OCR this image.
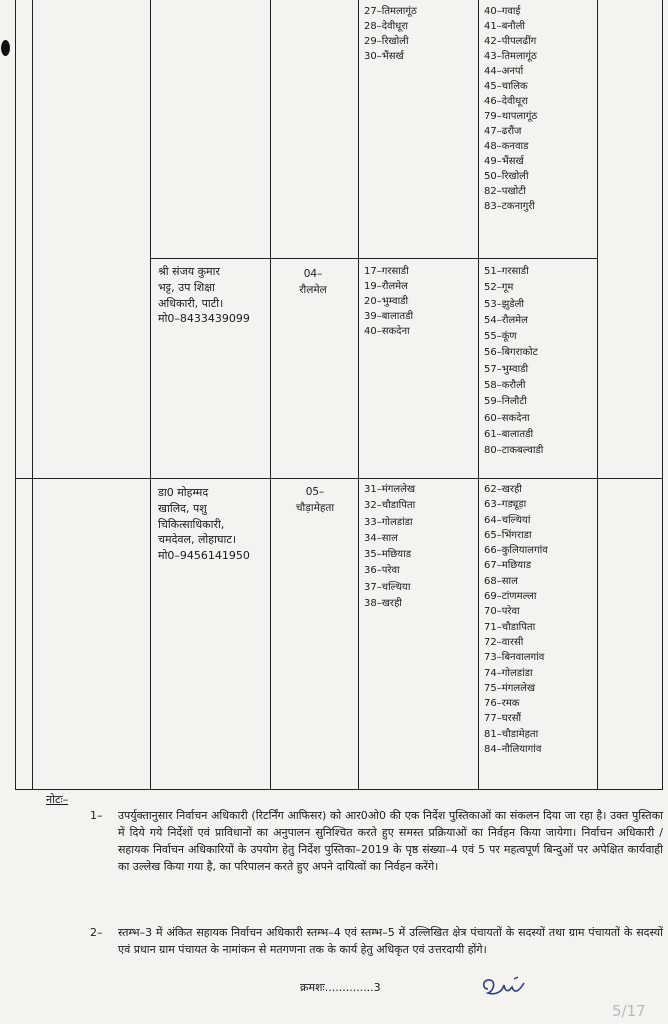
27–तिमलागूंठ
28–देवीधूरा
29–रिखोली
30–भैंसर्ख
40–गवाई
41–बनौली
42–पीपलढींग
43–तिमलागूंठ
44–अनर्पा
45–चालिक
46–देवीधूरा
79–थापलागूंठ
47–ढरौंज
48–कनवाड
49–भैंसर्ख
50–रिखोली
82–पखोटी
83–टकनागुरी
श्री संजय कुमार
भट्ट, उप शिक्षा
अधिकारी, पाटी।
मो0–8433439099
04–
रौलमेल
17–गरसाडी
19–रौलमेल
20–भुम्वाडी
39–बालातडी
40–सकदेना
51–गरसाडी
52–गूम
53–झुडेली
54–रौलमेल
55–कूंण
56–बिगराकोट
57–भुम्वाडी
58–करौली
59–निलौटी
60–सकदेना
61–बालातडी
80–टाकबल्वाडी
डा0 मोहम्मद
खालिद, पशु
चिकित्साधिकारी,
चमदेवल, लोहाघाट।
मो0–9456141950
05–
चौड़ामेहता
31–मंगललेख
32–चौडापिता
33–गोलडांडा
34–साल
35–मछियाड
36–परेवा
37–चल्थिया
38–खरही
62–खरही
63–गड्यूड़ा
64–चल्थियां
65–भिंगराडा
66–कुलियालगांव
67–मछियाड
68–साल
69–टांणमल्ला
70–परेवा
71–चौडापिता
72–वारसी
73–बिनवालगांव
74–गोलडांडा
75–मंगललेख
76–रमक
77–घरसौं
81–चौडामेहता
84–नौलियागांव
नोटः–
1– उपर्युक्तानुसार निर्वाचन अधिकारी (रिटर्निंग आफिसर) को आर0ओ0 की एक निर्देश पुस्तिकाओं का संकलन दिया जा रहा है। उक्त पुस्तिका में दिये गये निर्देशों एवं प्राविधानों का अनुपालन सुनिश्चित करते हुए समस्त प्रक्रियाओं का निर्वहन किया जायेगा। निर्वाचन अधिकारी / सहायक निर्वाचन अधिकारियों के उपयोग हेतु निर्देश पुस्तिका–2019 के पृष्ठ संख्या–4 एवं 5 पर महत्वपूर्ण बिन्दुओं पर अपेक्षित कार्यवाही का उल्लेख किया गया है, का परिपालन करते हुए अपने दायित्वों का निर्वहन करेंगे।
2– स्तम्भ–3 में अंकित सहायक निर्वाचन अधिकारी स्तम्भ–4 एवं स्तम्भ–5 में उल्लिखित क्षेत्र पंचायतों के सदस्यों तथा ग्राम पंचायतों के सदस्यों एवं प्रधान ग्राम पंचायत के नामांकन से मतगणना तक के कार्य हेतु अधिकृत एवं उत्तरदायी होंगे।
क्रमशः..............3
5/17
